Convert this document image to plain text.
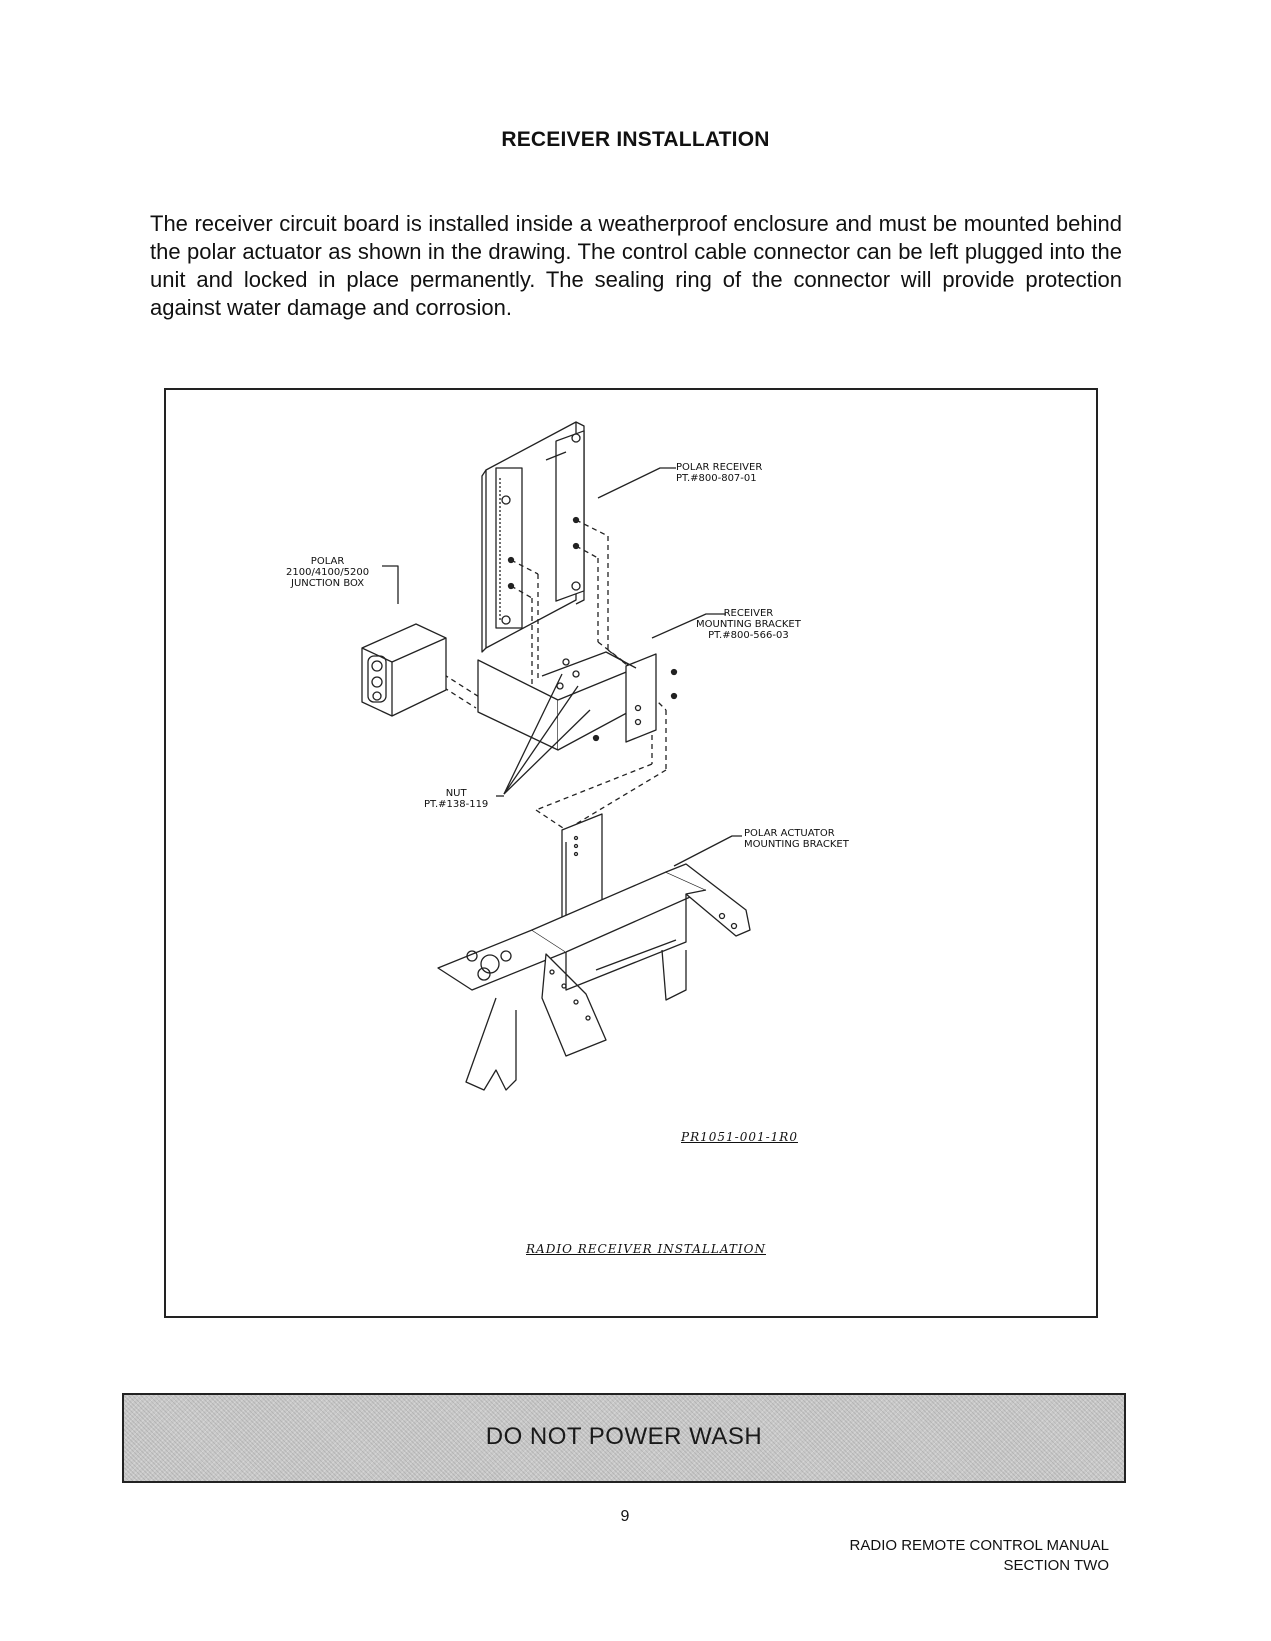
RECEIVER INSTALLATION
The receiver circuit board is installed inside a weatherproof enclosure and must be mounted behind the polar actuator as shown in the drawing. The control cable connector can be left plugged into the unit and locked in place permanently. The sealing ring of the connector will provide protection against water damage and corrosion.
POLAR RECEIVER
PT.#800-807-01
POLAR
2100/4100/5200
JUNCTION BOX
RECEIVER
MOUNTING BRACKET
PT.#800-566-03
NUT
PT.#138-119
POLAR ACTUATOR
MOUNTING BRACKET
PR1051-001-1R0
RADIO RECEIVER INSTALLATION
DO NOT POWER WASH
9
RADIO REMOTE CONTROL MANUAL
SECTION TWO
